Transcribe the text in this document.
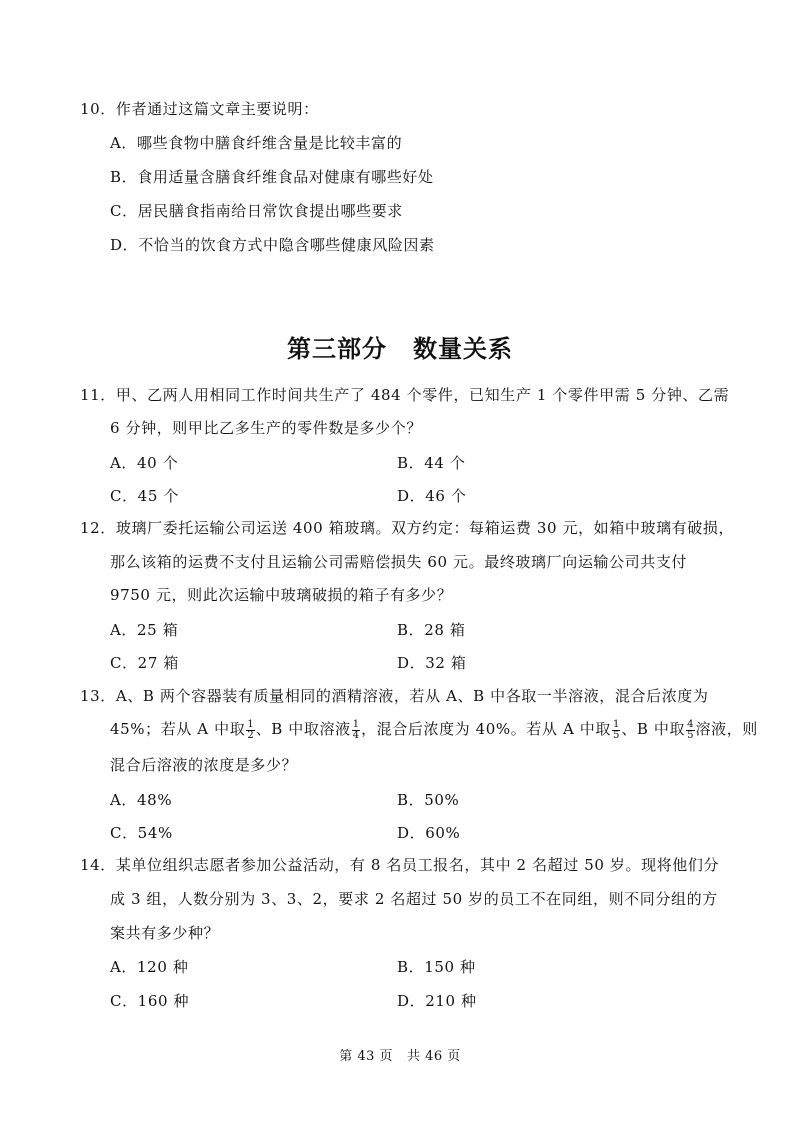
10．作者通过这篇文章主要说明：
A．哪些食物中膳食纤维含量是比较丰富的
B．食用适量含膳食纤维食品对健康有哪些好处
C．居民膳食指南给日常饮食提出哪些要求
D．不恰当的饮食方式中隐含哪些健康风险因素
第三部分 数量关系
11．甲、乙两人用相同工作时间共生产了 484 个零件，已知生产 1 个零件甲需 5 分钟、乙需
6 分钟，则甲比乙多生产的零件数是多少个？
A．40 个	B．44 个
C．45 个	D．46 个
12．玻璃厂委托运输公司运送 400 箱玻璃。双方约定：每箱运费 30 元，如箱中玻璃有破损，
那么该箱的运费不支付且运输公司需赔偿损失 60 元。最终玻璃厂向运输公司共支付
9750 元，则此次运输中玻璃破损的箱子有多少？
A．25 箱	B．28 箱
C．27 箱	D．32 箱
13．A、B 两个容器装有质量相同的酒精溶液，若从 A、B 中各取一半溶液，混合后浓度为
45%；若从 A 中取 $\frac{1}{2}$ 、B 中取溶液 $\frac{1}{4}$ ，混合后浓度为 40%。若从 A 中取 $\frac{1}{5}$ 、B 中取 $\frac{4}{5}$ 溶液，则
混合后溶液的浓度是多少？
A．48%	B．50%
C．54%	D．60%
14．某单位组织志愿者参加公益活动，有 8 名员工报名，其中 2 名超过 50 岁。现将他们分
成 3 组，人数分别为 3、3、2，要求 2 名超过 50 岁的员工不在同组，则不同分组的方
案共有多少种？
A．120 种	B．150 种
C．160 种	D．210 种
第 43 页 共 46 页
